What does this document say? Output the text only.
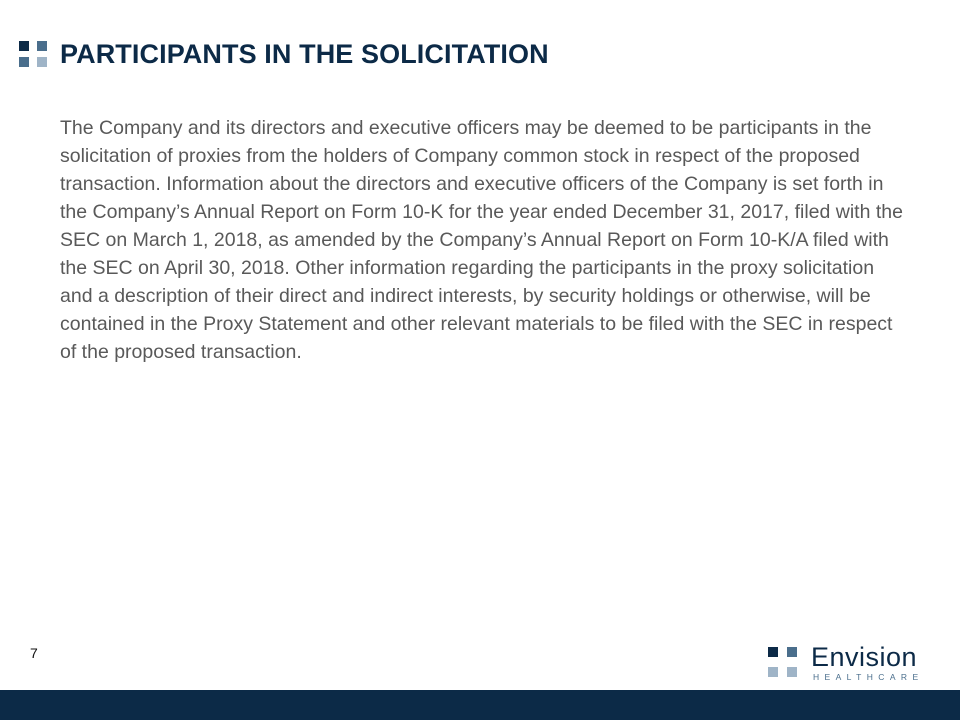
PARTICIPANTS IN THE SOLICITATION

The Company and its directors and executive officers may be deemed to be participants in the solicitation of proxies from the holders of Company common stock in respect of the proposed transaction. Information about the directors and executive officers of the Company is set forth in the Company’s Annual Report on Form 10-K for the year ended December 31, 2017, filed with the SEC on March 1, 2018, as amended by the Company’s Annual Report on Form 10-K/A filed with the SEC on April 30, 2018. Other information regarding the participants in the proxy solicitation and a description of their direct and indirect interests, by security holdings or otherwise, will be contained in the Proxy Statement and other relevant materials to be filed with the SEC in respect of the proposed transaction.

7	Envision
HEALTHCARE
